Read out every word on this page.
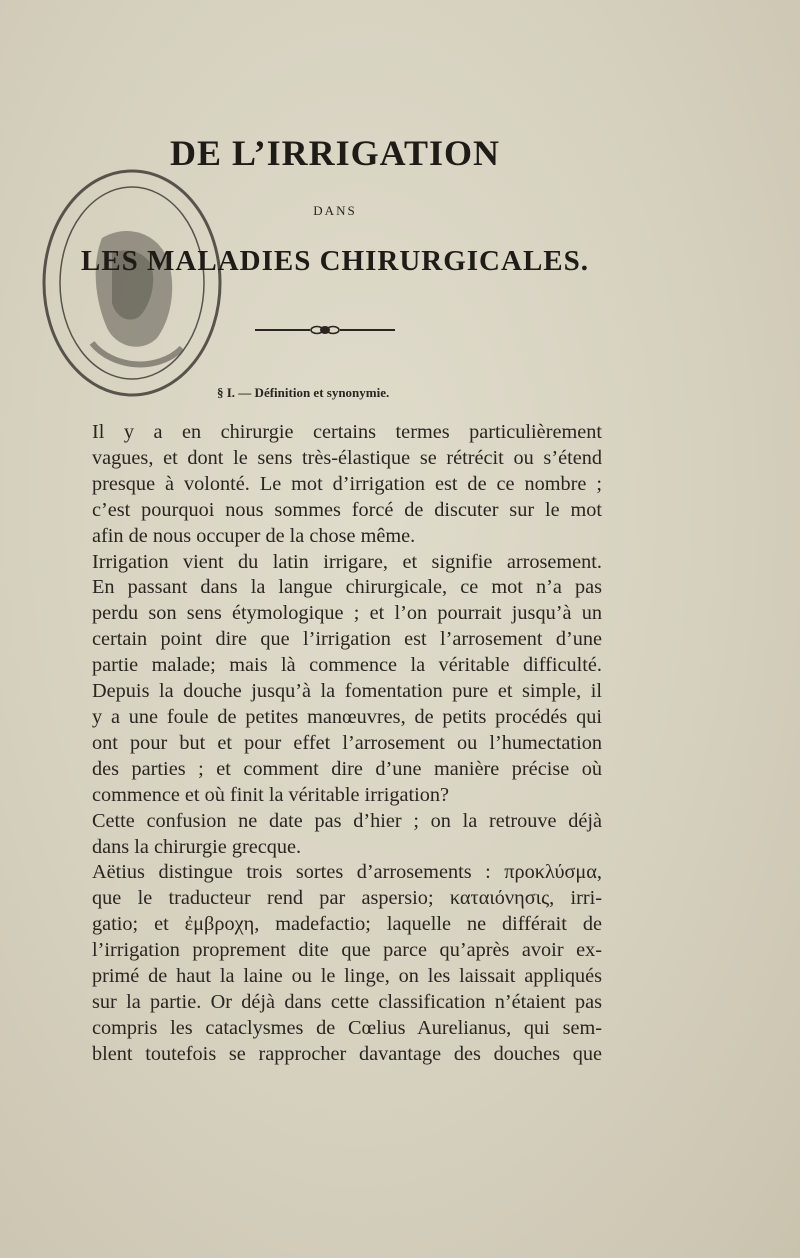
DE L’IRRIGATION
DANS
LES MALADIES CHIRURGICALES.
§ I. — Définition et synonymie.

Il y a en chirurgie certains termes particulièrement
vagues, et dont le sens très-élastique se rétrécit ou s’étend
presque à volonté. Le mot d’irrigation est de ce nombre ;
c’est pourquoi nous sommes forcé de discuter sur le mot
afin de nous occuper de la chose même.

Irrigation vient du latin irrigare, et signifie arrosement.
En passant dans la langue chirurgicale, ce mot n’a pas
perdu son sens étymologique ; et l’on pourrait jusqu’à un
certain point dire que l’irrigation est l’arrosement d’une
partie malade; mais là commence la véritable difficulté.
Depuis la douche jusqu’à la fomentation pure et simple, il
y a une foule de petites manœuvres, de petits procédés qui
ont pour but et pour effet l’arrosement ou l’humectation
des parties ; et comment dire d’une manière précise où
commence et où finit la véritable irrigation?

Cette confusion ne date pas d’hier ; on la retrouve déjà
dans la chirurgie grecque.

Aëtius distingue trois sortes d’arrosements : προκλύσμα,
que le traducteur rend par aspersio; καταιόνησις, irri-
gatio; et ἐμβροχη, madefactio; laquelle ne différait de
l’irrigation proprement dite que parce qu’après avoir ex-
primé de haut la laine ou le linge, on les laissait appliqués
sur la partie. Or déjà dans cette classification n’étaient pas
compris les cataclysmes de Cœlius Aurelianus, qui sem-
blent toutefois se rapprocher davantage des douches que
